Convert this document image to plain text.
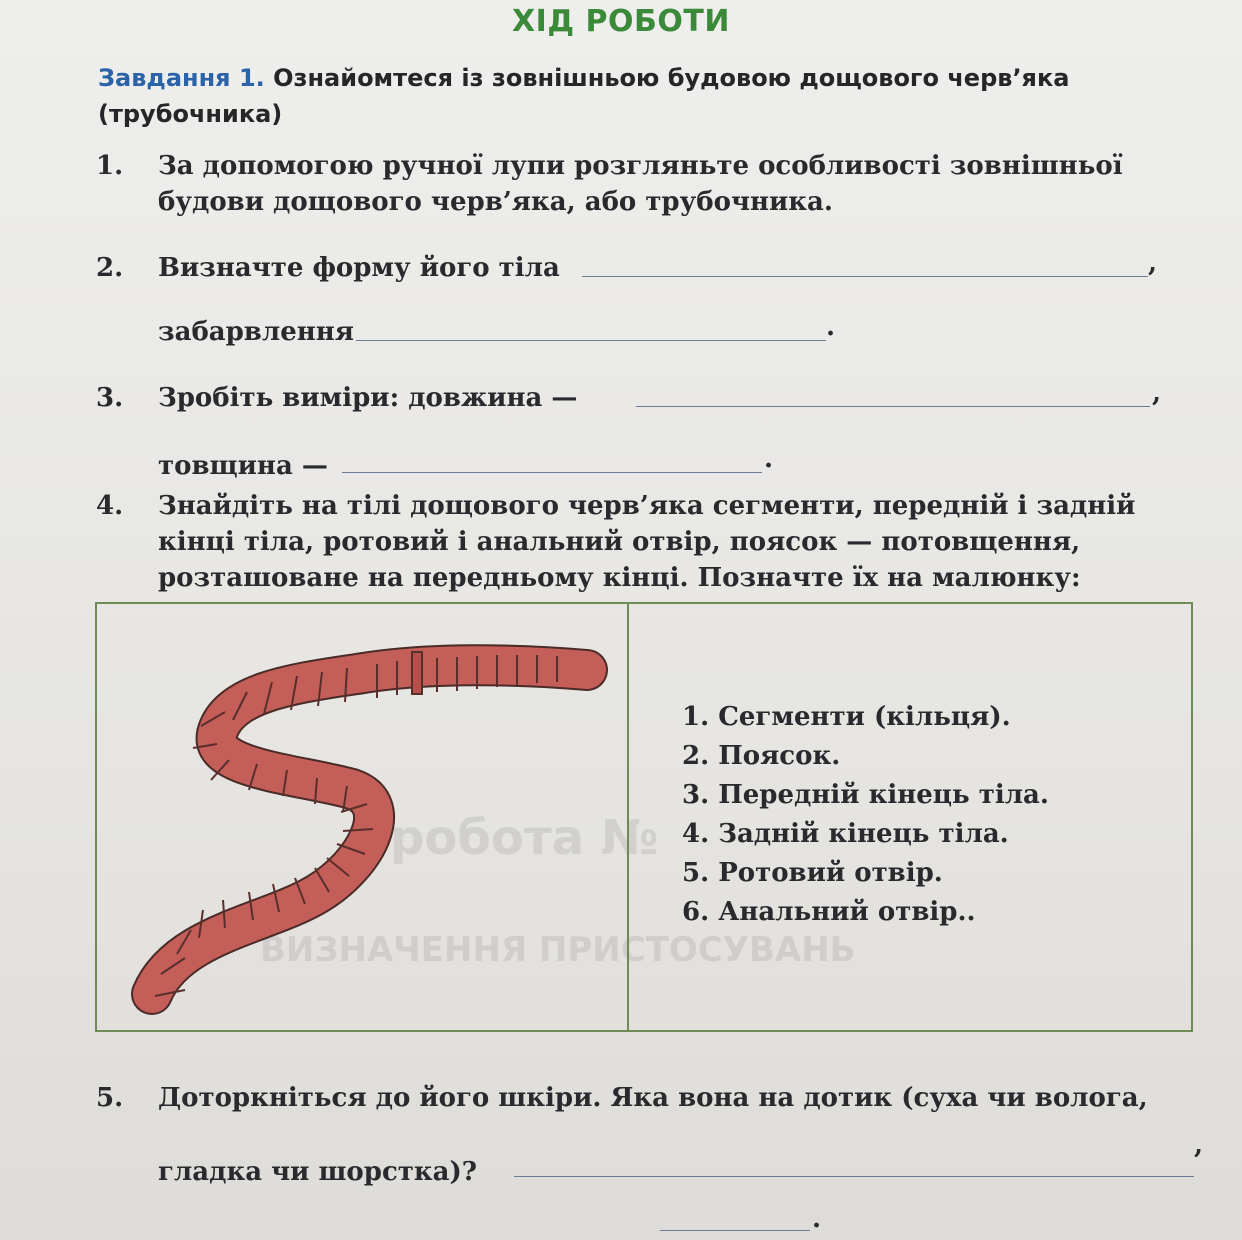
робота №
ВИЗНАЧЕННЯ ПРИСТОСУВАНЬ
ХІД РОБОТИ
Завдання 1. Ознайомтеся із зовнішньою будовою дощового черв’яка (трубочника)
1. За допомогою ручної лупи розгляньте особливості зовнішньої будови дощового черв’яка, або трубочника.
2. Визначте форму його тіла	,
забарвлення	.
3. Зробіть виміри: довжина —	,
товщина —	.
4. Знайдіть на тілі дощового черв’яка сегменти, передній і задній кінці тіла, ротовий і анальний отвір, поясок — потовщення, розташоване на передньому кінці. Позначте їх на малюнку:
1. Сегменти (кільця).
2. Поясок.
3. Передній кінець тіла.
4. Задній кінець тіла.
5. Ротовий отвір.
6. Анальний отвір..
5. Доторкніться до його шкіри. Яка вона на дотик (суха чи волога,
гладка чи шорстка)?
,
.
